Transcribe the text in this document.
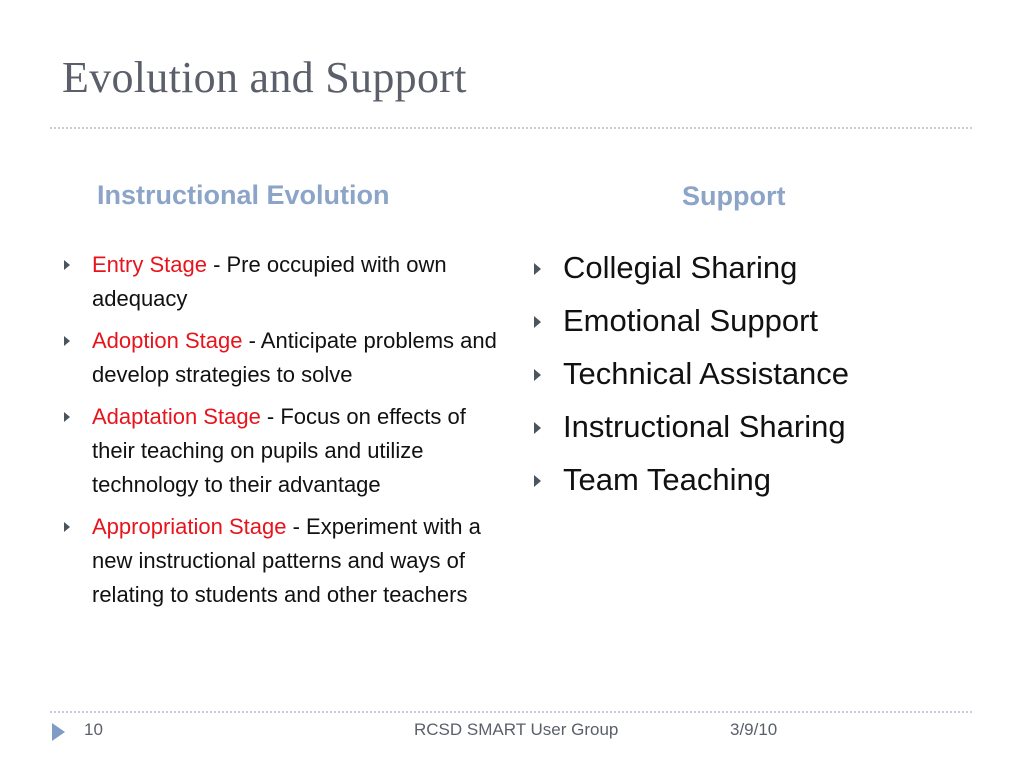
Evolution and Support
Instructional Evolution	Support
Entry Stage - Pre occupied with own adequacy
Adoption Stage - Anticipate problems and develop strategies to solve
Adaptation Stage - Focus on effects of their teaching on pupils and utilize technology to their advantage
Appropriation Stage - Experiment with a new instructional patterns and ways of relating to students and other teachers
Collegial Sharing
Emotional Support
Technical Assistance
Instructional Sharing
Team Teaching
10	RCSD SMART User Group	3/9/10
